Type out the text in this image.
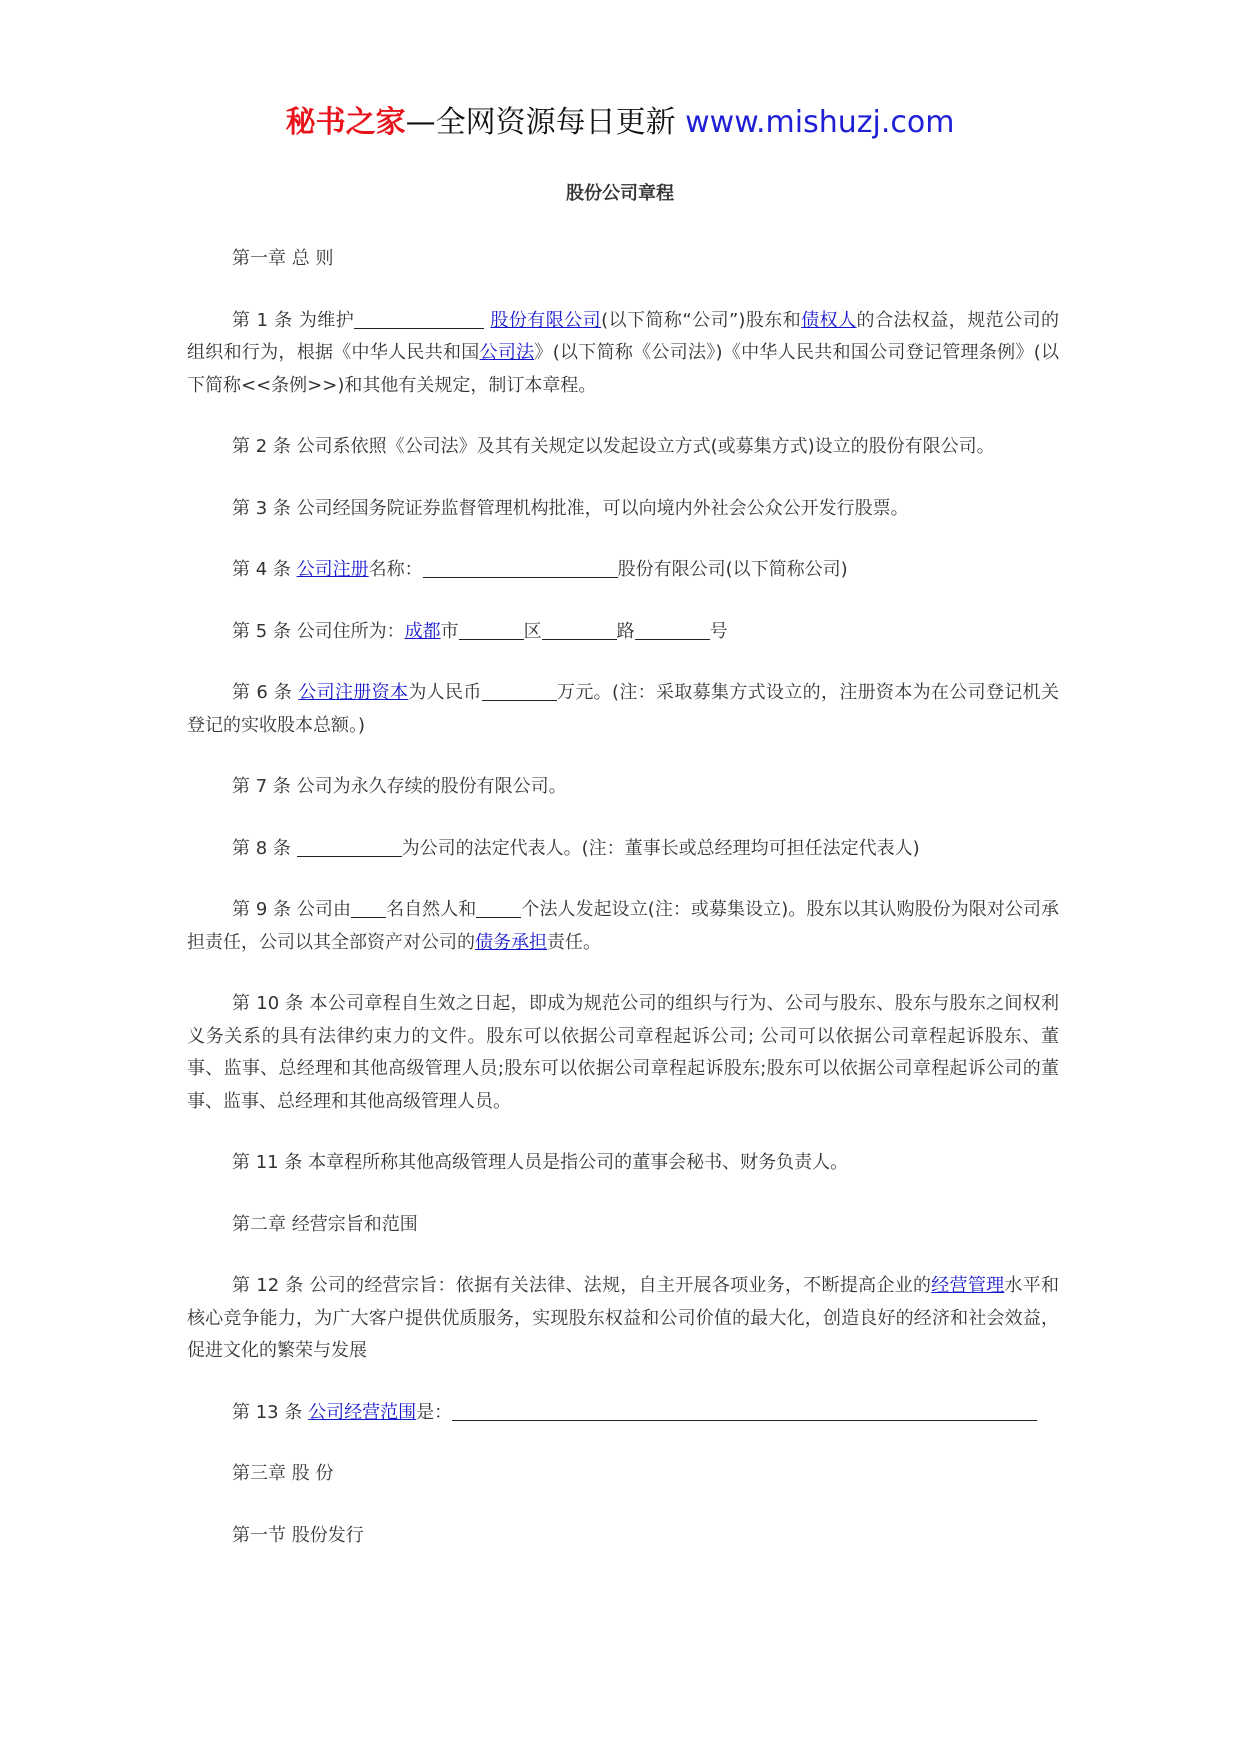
秘书之家—全网资源每日更新 www.mishuzj.com
股份公司章程

第一章 总 则

第 1 条 为维护	股份有限公司(以下简称“公司”)股东和债权人的合法权益，规范公司的组织和行为，根据《中华人民共和国公司法》(以下简称《公司法》)《中华人民共和国公司登记管理条例》(以下简称<<条例>>)和其他有关规定，制订本章程。

第 2 条 公司系依照《公司法》及其有关规定以发起设立方式(或募集方式)设立的股份有限公司。

第 3 条 公司经国务院证券监督管理机构批准，可以向境内外社会公众公开发行股票。

第 4 条 公司注册名称：	股份有限公司(以下简称公司)

第 5 条 公司住所为：成都市	区	路	号

第 6 条 公司注册资本为人民币	万元。(注：采取募集方式设立的，注册资本为在公司登记机关登记的实收股本总额。)

第 7 条 公司为永久存续的股份有限公司。

第 8 条	为公司的法定代表人。(注：董事长或总经理均可担任法定代表人)

第 9 条 公司由 名自然人和	个法人发起设立(注：或募集设立)。股东以其认购股份为限对公司承担责任，公司以其全部资产对公司的债务承担责任。

第 10 条 本公司章程自生效之日起，即成为规范公司的组织与行为、公司与股东、股东与股东之间权利义务关系的具有法律约束力的文件。股东可以依据公司章程起诉公司; 公司可以依据公司章程起诉股东、董事、监事、总经理和其他高级管理人员;股东可以依据公司章程起诉股东;股东可以依据公司章程起诉公司的董事、监事、总经理和其他高级管理人员。

第 11 条 本章程所称其他高级管理人员是指公司的董事会秘书、财务负责人。

第二章 经营宗旨和范围

第 12 条 公司的经营宗旨：依据有关法律、法规，自主开展各项业务，不断提高企业的经营管理水平和核心竞争能力，为广大客户提供优质服务，实现股东权益和公司价值的最大化，创造良好的经济和社会效益，促进文化的繁荣与发展

第 13 条 公司经营范围是：

第三章 股 份

第一节 股份发行
